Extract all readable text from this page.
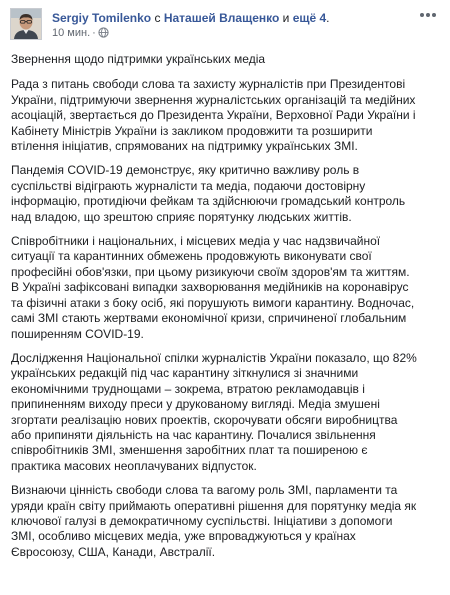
Sergiy Tomilenko с Наташей Влащенко и ещё 4.
10 мин. ·

Звернення щодо підтримки українських медіа

Рада з питань свободи слова та захисту журналістів при Президентові
України, підтримуючи звернення журналістських організацій та медійних
асоціацій, звертається до Президента України, Верховної Ради України і
Кабінету Міністрів України із закликом продовжити та розширити
втілення ініціатив, спрямованих на підтримку українських ЗМІ.

Пандемія COVID-19 демонструє, яку критично важливу роль в
суспільстві відіграють журналісти та медіа, подаючи достовірну
інформацію, протидіючи фейкам та здійснюючи громадський контроль
над владою, що зрештою сприяє порятунку людських життів.

Співробітники і національних, і місцевих медіа у час надзвичайної
ситуації та карантинних обмежень продовжують виконувати свої
професійні обов'язки, при цьому ризикуючи своїм здоров'ям та життям.
В Україні зафіксовані випадки захворювання медійників на коронавірус
та фізичні атаки з боку осіб, які порушують вимоги карантину. Водночас,
самі ЗМІ стають жертвами економічної кризи, спричиненої глобальним
поширенням COVID-19.

Дослідження Національної спілки журналістів України показало, що 82%
українських редакцій під час карантину зіткнулися зі значними
економічними труднощами – зокрема, втратою рекламодавців і
припиненням виходу преси у друкованому вигляді. Медіа змушені
згортати реалізацію нових проектів, скорочувати обсяги виробництва
або припиняти діяльність на час карантину. Почалися звільнення
співробітників ЗМІ, зменшення заробітних плат та поширеною є
практика масових неоплачуваних відпусток.

Визнаючи цінність свободи слова та вагому роль ЗМІ, парламенти та
уряди країн світу приймають оперативні рішення для порятунку медіа як
ключової галузі в демократичному суспільстві. Ініціативи з допомоги
ЗМІ, особливо місцевих медіа, уже впроваджуються у країнах
Євросоюзу, США, Канади, Австралії.
